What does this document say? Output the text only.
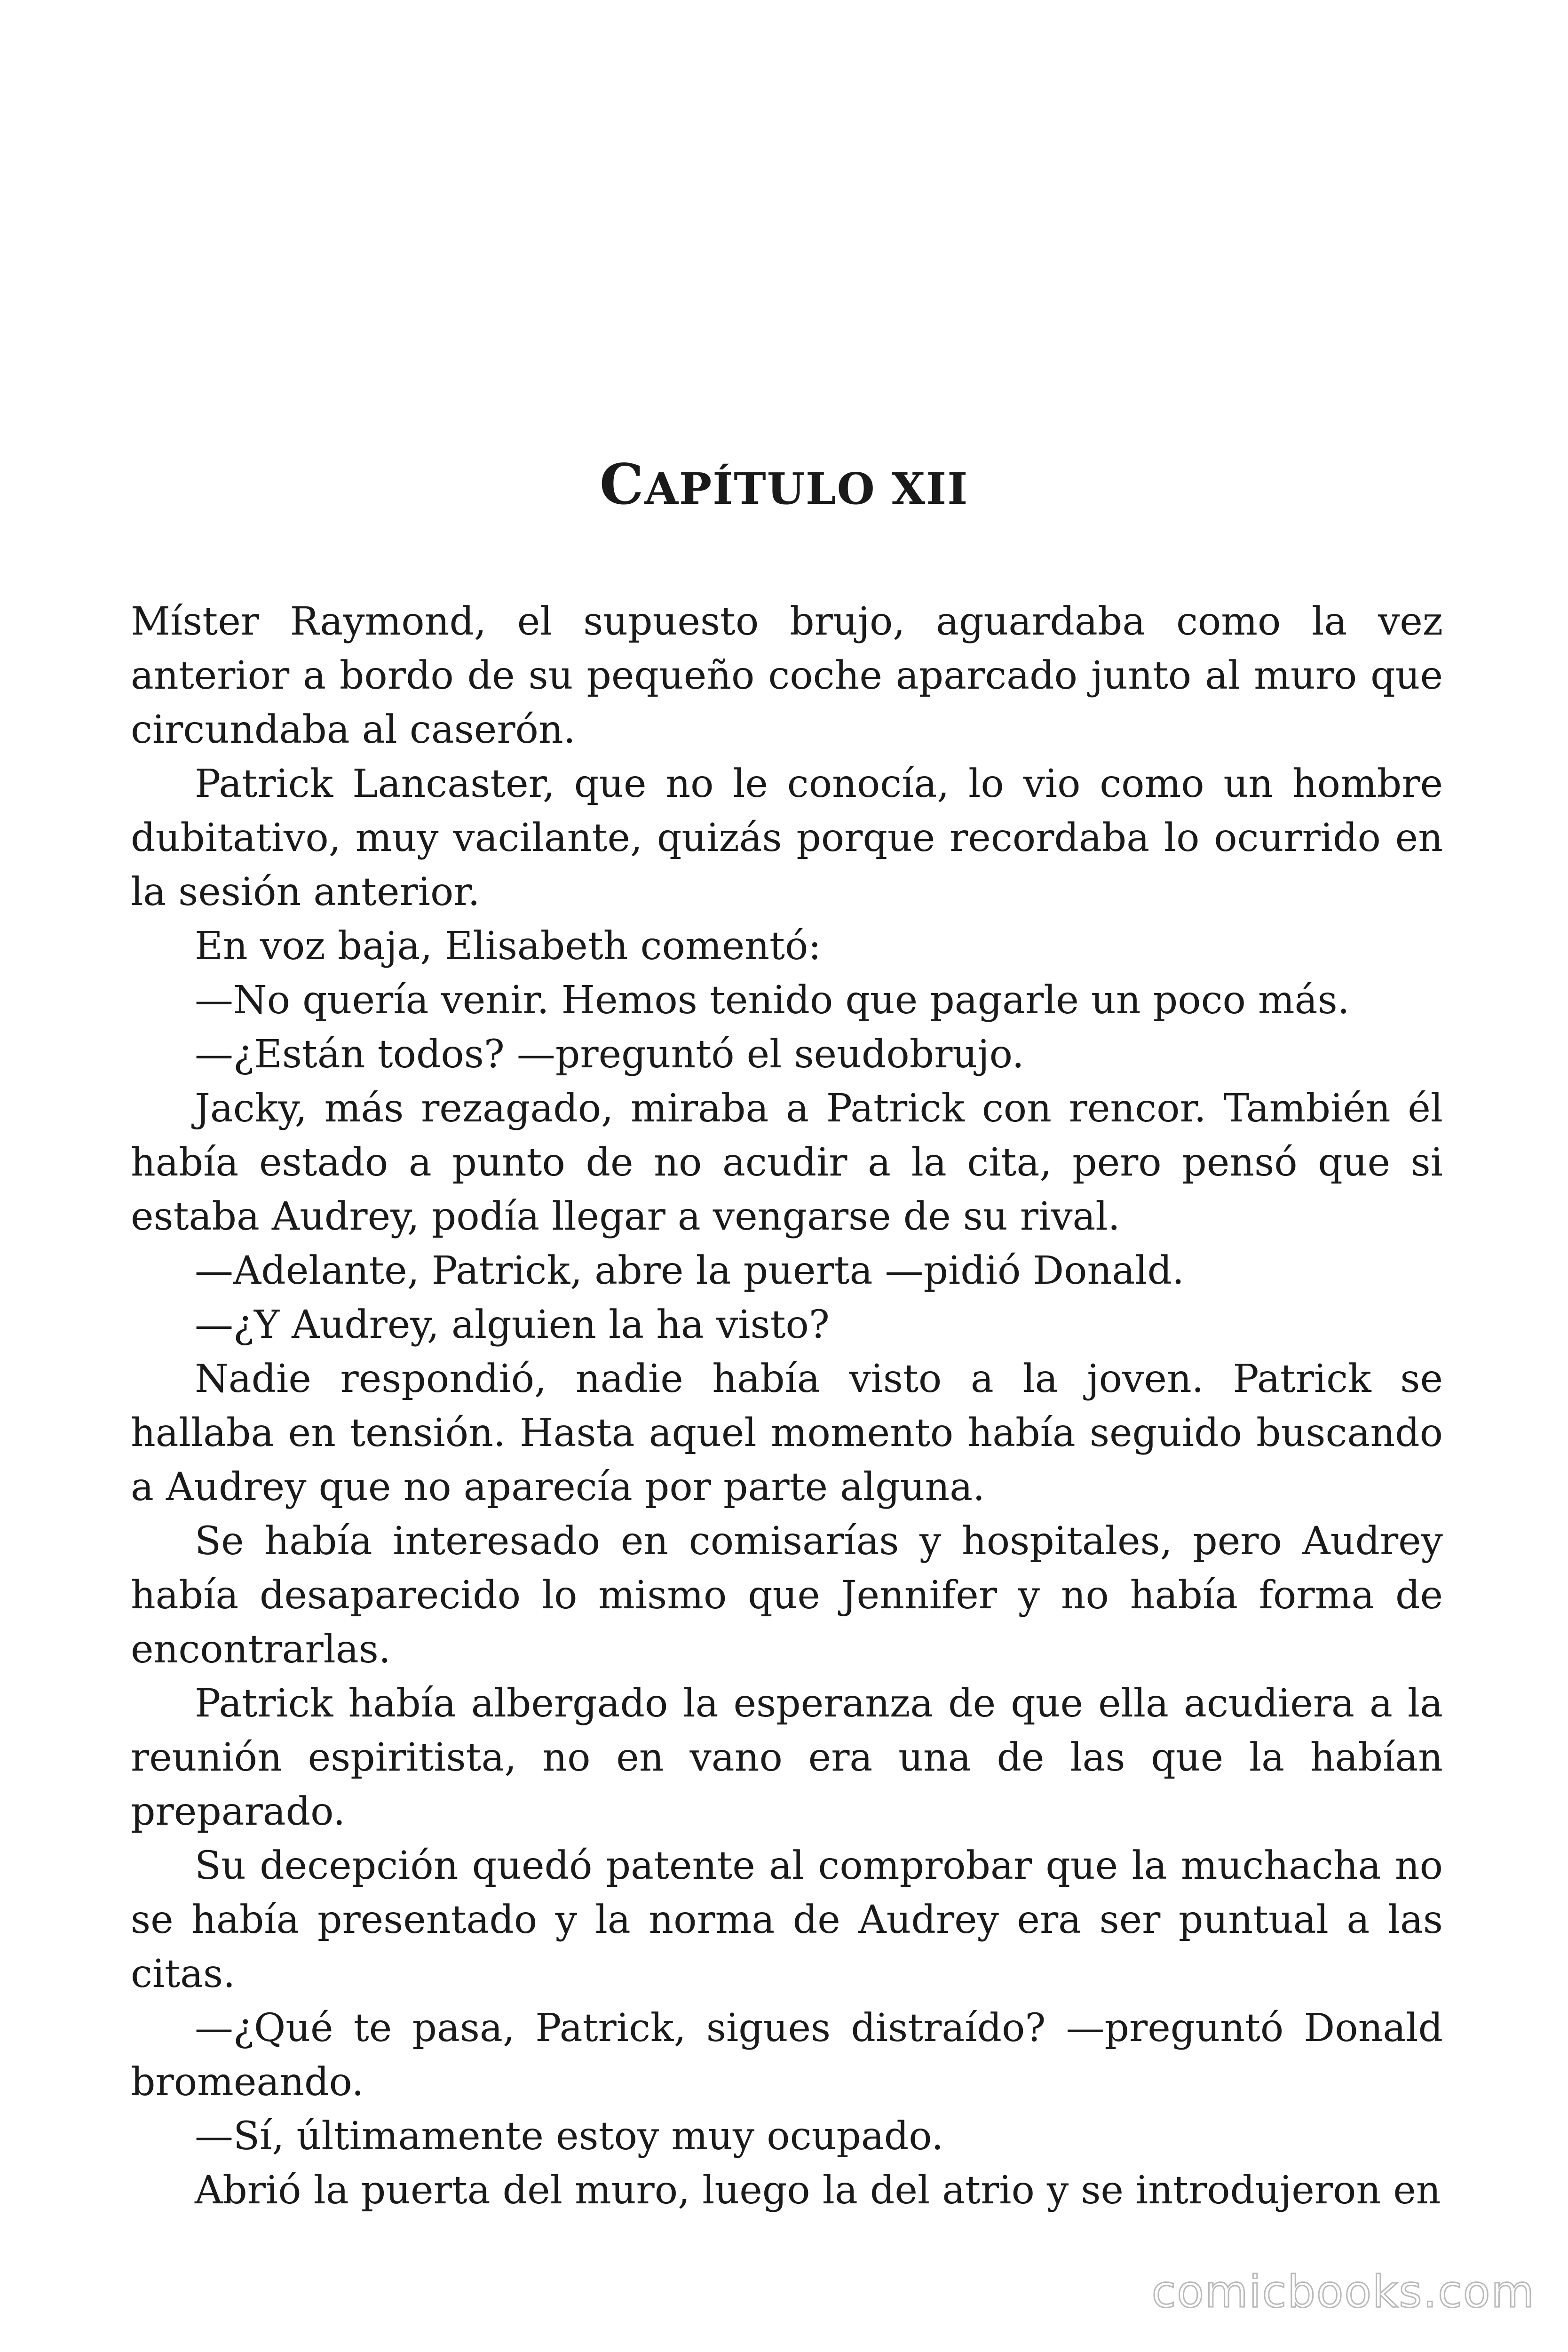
CAPÍTULO XII

Míster Raymond, el supuesto brujo, aguardaba como la vez anterior a bordo de su pequeño coche aparcado junto al muro que circundaba al caserón.

Patrick Lancaster, que no le conocía, lo vio como un hombre dubitativo, muy vacilante, quizás porque recordaba lo ocurrido en la sesión anterior.

En voz baja, Elisabeth comentó:

—No quería venir. Hemos tenido que pagarle un poco más.

—¿Están todos? —preguntó el seudobrujo.

Jacky, más rezagado, miraba a Patrick con rencor. También él había estado a punto de no acudir a la cita, pero pensó que si estaba Audrey, podía llegar a vengarse de su rival.

—Adelante, Patrick, abre la puerta —pidió Donald.

—¿Y Audrey, alguien la ha visto?

Nadie respondió, nadie había visto a la joven. Patrick se hallaba en tensión. Hasta aquel momento había seguido buscando a Audrey que no aparecía por parte alguna.

Se había interesado en comisarías y hospitales, pero Audrey había desaparecido lo mismo que Jennifer y no había forma de encontrarlas.

Patrick había albergado la esperanza de que ella acudiera a la reunión espiritista, no en vano era una de las que la habían preparado.

Su decepción quedó patente al comprobar que la muchacha no se había presentado y la norma de Audrey era ser puntual a las citas.

—¿Qué te pasa, Patrick, sigues distraído? —preguntó Donald bromeando.

—Sí, últimamente estoy muy ocupado.

Abrió la puerta del muro, luego la del atrio y se introdujeron en

comicbooks.com
